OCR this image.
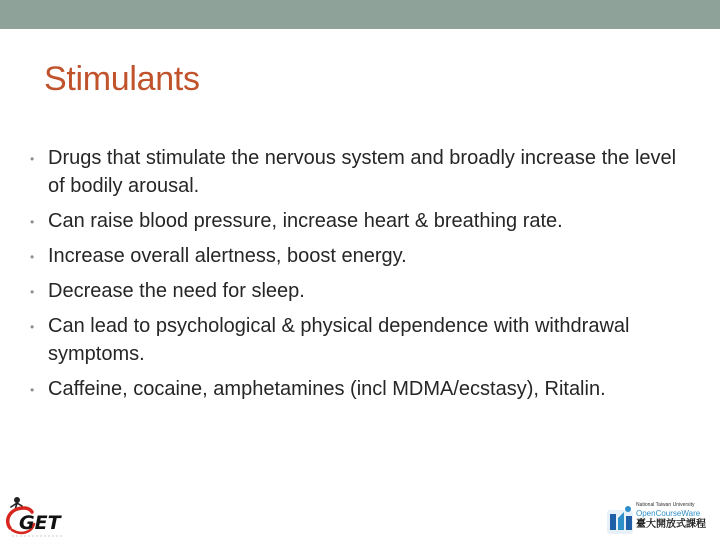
Stimulants
• Drugs that stimulate the nervous system and broadly increase the level of bodily arousal.
• Can raise blood pressure, increase heart & breathing rate.
• Increase overall alertness, boost energy.
• Decrease the need for sleep.
• Can lead to psychological & physical dependence with withdrawal symptoms.
• Caffeine, cocaine, amphetamines (incl MDMA/ecstasy), Ritalin.
GET
National Taiwan University
OpenCourseWare
臺大開放式課程
